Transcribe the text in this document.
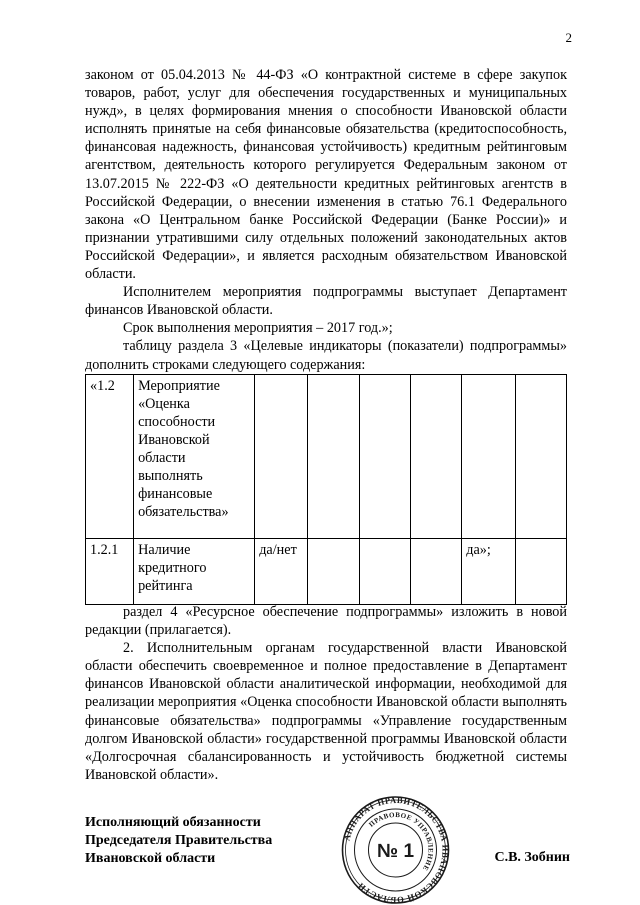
2

законом от 05.04.2013 № 44-ФЗ «О контрактной системе в сфере закупок товаров, работ, услуг для обеспечения государственных и муниципальных нужд», в целях формирования мнения о способности Ивановской области исполнять принятые на себя финансовые обязательства (кредитоспособность, финансовая надежность, финансовая устойчивость) кредитным рейтинговым агентством, деятельность которого регулируется Федеральным законом от 13.07.2015 № 222-ФЗ «О деятельности кредитных рейтинговых агентств в Российской Федерации, о внесении изменения в статью 76.1 Федерального закона «О Центральном банке Российской Федерации (Банке России)» и признании утратившими силу отдельных положений законодательных актов Российской Федерации», и является расходным обязательством Ивановской области.

Исполнителем мероприятия подпрограммы выступает Департамент финансов Ивановской области.

Срок выполнения мероприятия – 2017 год.»;

таблицу раздела 3 «Целевые индикаторы (показатели) подпрограммы» дополнить строками следующего содержания:

«1.2	Мероприятие «Оценка способности Ивановской области выполнять финансовые обязательства»						
1.2.1	Наличие кредитного рейтинга	да/нет				да»;	

раздел 4 «Ресурсное обеспечение подпрограммы» изложить в новой редакции (прилагается).

2. Исполнительным органам государственной власти Ивановской области обеспечить своевременное и полное предоставление в Департамент финансов Ивановской области аналитической информации, необходимой для реализации мероприятия «Оценка способности Ивановской области выполнять финансовые обязательства» подпрограммы «Управление государственным долгом Ивановской области» государственной программы Ивановской области «Долгосрочная сбалансированность и устойчивость бюджетной системы Ивановской области».

Исполняющий обязанности
Председателя Правительства
Ивановской области	С.В. Зобнин
АППАРАТ ПРАВИТЕЛЬСТВА ИВАНОВСКОЙ ОБЛАСТИ
ПРАВОВОЕ УПРАВЛЕНИЕ
№ 1
